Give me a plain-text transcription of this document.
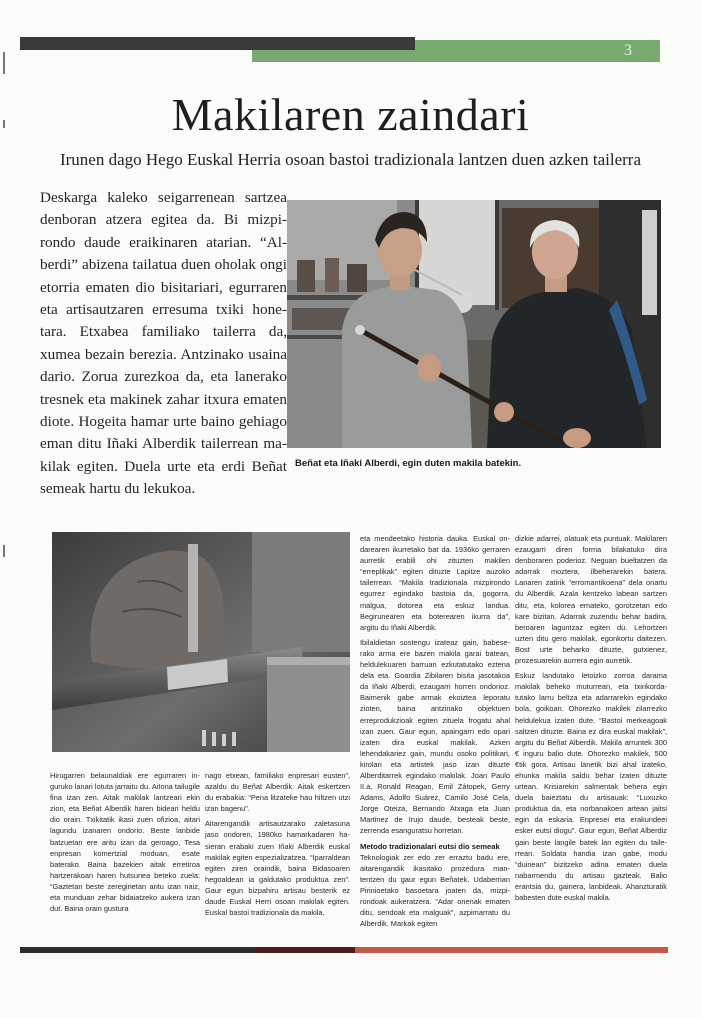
3
Makilaren zaindari
Irunen dago Hego Euskal Herria osoan bastoi tradizionala lantzen duen azken tailerra
Deskarga kaleko seigarrenean sartzea denboran atzera egitea da. Bi mizpirondo daude eraikinaren atarian. “Alberdi” abizena tailatua duen oholak ongi etorria ematen dio bisitariari, egurraren eta artisautzaren erresuma txiki honetara. Etxabea familiako tailerra da, xumea bezain berezia. Antzinako usaina dario. Zorua zurezkoa da, eta lanerako tresnek eta makinek zahar itxura ematen diote. Hogeita hamar urte baino gehiago eman ditu Iñaki Alberdik tailerrean makilak egiten. Duela urte eta erdi Beñat semeak hartu du lekukoa.
Beñat eta Iñaki Alberdi, egin duten makila batekin.

Hirugarren belaunaldiak ere egurraren inguruko lanari lotuta jarraitu du. Aitona tailugile fina izan zen. Aitak makilak lantzeari ekin zion, eta Beñat Alberdik haren bideari heldu dio orain. Txikitatik ikasi zuen ofizioa, aitari lagundu izanaren ondorio. Beste lanbide batzuetan ere aritu izan da geroago, Tesa enpresan komertzial moduan, esate baterako. Baina bazekien aitak erretiroa hartzerakoan haren hutsunea beteko zuela: “Gaztetan beste zereginetan aritu izan naiz, eta munduan zehar bidaiatzeko aukera izan dut. Baina orain gustura

nago etxean, familiako enpresari eusten”, azaldu du Beñat Alberdik. Aitak eskertzen du erabakia: “Pena litzateke hau hiltzen utzi izan bagenu”.

Aitarengandik artisautzarako zaletasuna jaso ondoren, 1980ko hamarkadaren hasieran erabaki zuen Iñaki Alberdik euskal makilak egiten espezializatzea. “Iparraldean egiten ziren oraindik, baina Bidasoaren hegoaldean ia galdutako produktua zen”. Gaur egun bizpahiru artisau besterik ez daude Euskal Herri osoan makilak egiten. Euskal bastoi tradizionala da makila,

eta mendeetako historia dauka. Euskal ondarearen ikurretako bat da. 1936ko gerraren aurretik erabili ohi zituzten makilen “erreplikak” egiten dituzte Lapitze auzoko tailerrean. “Makila tradizionala mizpirondo egurrez egindako bastoia da, gogorra, malgua, dotorea eta eskuz landua. Begirunearen eta boterearen ikurra da”, argitu du Iñaki Alberdik.

Ibilaldietan sostengu izateaz gain, babeserako arma ere bazen makila garai batean, heldulekuaren barruan ezkutatutako eztena dela eta. Goardia Zibilaren bisita jasotakoa da Iñaki Alberdi, ezaugarri horren ondorioz. Baimenik gabe armak ekoiztea leporatu zioten, baina antzinako objektuen erreprodukzioak egiten zituela frogatu ahal izan zuen. Gaur egun, apaingarri edo opari izaten dira euskal makilak. Azken lehendakariez gain, mundu osoko politikari, kirolari eta artistek jaso izan dituzte Alberditarrek egindako makilak. Joan Paulo II.a, Ronald Reagan, Emil Zátopek, Gerry Adams, Adolfo Suárez, Camilo José Cela, Jorge Oteiza, Bernando Atxaga eta Juan Martinez de Irujo daude, besteak beste, zerrenda esanguratsu horretan.

Metodo tradizionalari eutsi dio semeak

Teknologiak zer edo zer erraztu badu ere, aitarengandik ikasitako prozedura mantentzen du gaur egun Beñatek. Udaberrian Pirinioetako basoetara joaten da, mizpirondoak aukeratzera. “Adar onenak ematen ditu, sendoak eta malguak”, azpimarratu du Alberdik. Markak egiten

dizkie adarrei, olatuak eta puntuak. Makilaren ezaugarri diren forma bilakatuko dira denboraren poderioz. Neguan bueltatzen da adarrak moztera, ilbeherarekin batera. Lanaren zatirik “erromantikoena” dela onartu du Alberdik. Azala kentzeko labean sartzen ditu, eta, kolorea emateko, gorotzetan edo kare bizitan. Adarrak zuzendu behar badira, beroaren laguntzaz egiten du. Lehortzen uzten ditu gero makilak, egonkortu daitezen. Bost urte beharko dituzte, gutxienez, prozesuarekin aurrera egin aurretik.

Eskuz landutako letoizko zorroa darama makilak beheko muturrean, eta txirikordatutako larru beltza eta adarrarekin egindako bola, goikoan. Ohorezko makilek zilarrezko heldulekua izaten dute. “Bastoi merkeagoak saltzen dituzte. Baina ez dira euskal makilak”, argitu du Beñat Alberdik. Makila arruntek 300 € inguru balio dute. Ohorezko makilek, 500 €tik gora. Artisau lanetik bizi ahal izateko, ehunka makila saldu behar izaten dituzte urtean. Krisiarekin salmentak behera egin duela baieztatu du artisauak: “Luxuzko produktua da, eta norbanakoen artean jaitsi egin da eskaria. Enpresei eta erakundeei esker eutsi diogu”. Gaur egun, Beñat Alberdiz gain beste langile batek lan egiten du tailerrean. Soldata handia izan gabe, modu “duinean” bizitzeko adina ematen duela nabarmendu du artisau gazteak. Balio erantsia du, gainera, lanbideak. Ahanzturatik babesten dute euskal makila.
